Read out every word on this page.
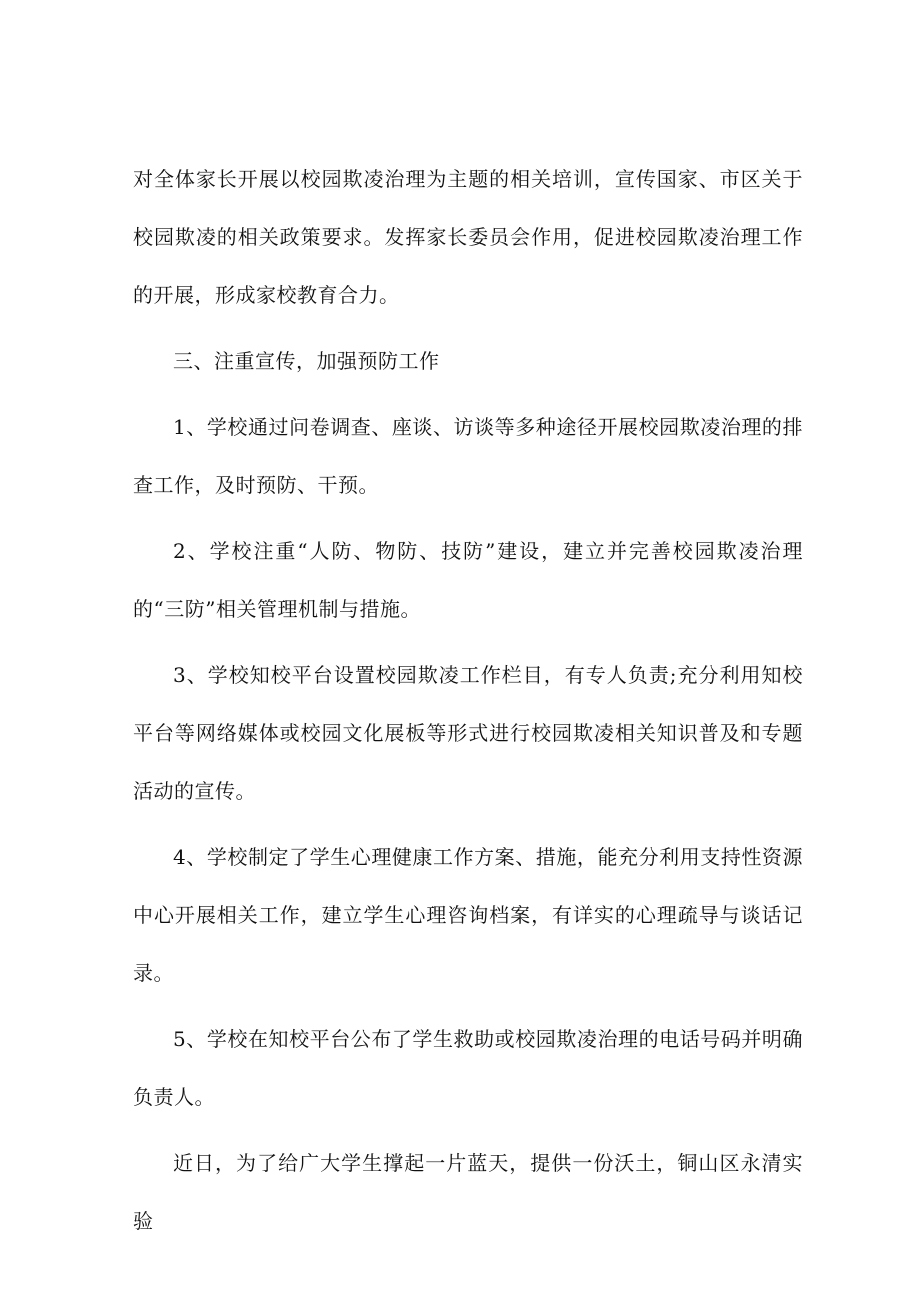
对全体家长开展以校园欺凌治理为主题的相关培训，宣传国家、市区关于校园欺凌的相关政策要求。发挥家长委员会作用，促进校园欺凌治理工作的开展，形成家校教育合力。

三、注重宣传，加强预防工作

1、学校通过问卷调查、座谈、访谈等多种途径开展校园欺凌治理的排查工作，及时预防、干预。

2、学校注重“人防、物防、技防”建设，建立并完善校园欺凌治理的“三防”相关管理机制与措施。

3、学校知校平台设置校园欺凌工作栏目，有专人负责;充分利用知校平台等网络媒体或校园文化展板等形式进行校园欺凌相关知识普及和专题活动的宣传。

4、学校制定了学生心理健康工作方案、措施，能充分利用支持性资源中心开展相关工作，建立学生心理咨询档案，有详实的心理疏导与谈话记录。

5、学校在知校平台公布了学生救助或校园欺凌治理的电话号码并明确负责人。

近日，为了给广大学生撑起一片蓝天，提供一份沃土，铜山区永清实验
